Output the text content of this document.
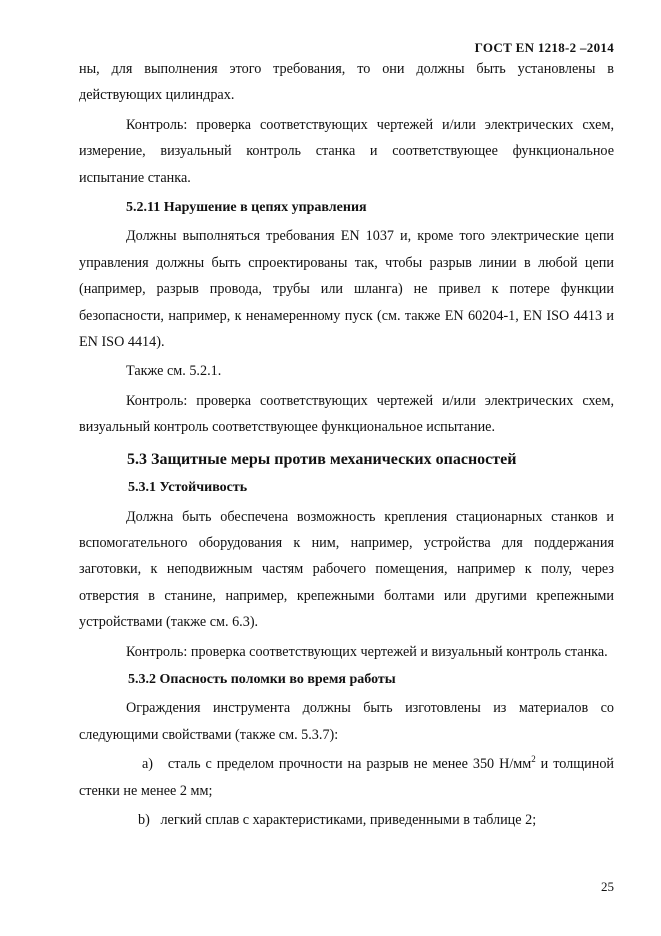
ГОСТ EN 1218-2 –2014

ны, для выполнения этого требования, то они должны быть установлены в действующих цилиндрах.

Контроль: проверка соответствующих чертежей и/или электрических схем, измерение, визуальный контроль станка и соответствующее функциональное испытание станка.

5.2.11 Нарушение в цепях управления

Должны выполняться требования EN 1037 и, кроме того электрические цепи управления должны быть спроектированы так, чтобы разрыв линии в любой цепи (например, разрыв провода, трубы или шланга) не привел к потере функции безопасности, например, к ненамеренному пуск (см. также EN 60204-1, EN ISO 4413 и EN ISO 4414).

Также см. 5.2.1.

Контроль: проверка соответствующих чертежей и/или электрических схем, визуальный контроль соответствующее функциональное испытание.

5.3 Защитные меры против механических опасностей

5.3.1 Устойчивость

Должна быть обеспечена возможность крепления стационарных станков и вспомогательного оборудования к ним, например, устройства для поддержания заготовки, к неподвижным частям рабочего помещения, например к полу, через отверстия в станине, например, крепежными болтами или другими крепежными устройствами (также см. 6.3).

Контроль: проверка соответствующих чертежей и визуальный контроль станка.

5.3.2 Опасность поломки во время работы

Ограждения инструмента должны быть изготовлены из материалов со следующими свойствами (также см. 5.3.7):

a) сталь с пределом прочности на разрыв не менее 350 $Н/мм^2$ и толщиной стенки не менее 2 мм;

b) легкий сплав с характеристиками, приведенными в таблице 2;

25
